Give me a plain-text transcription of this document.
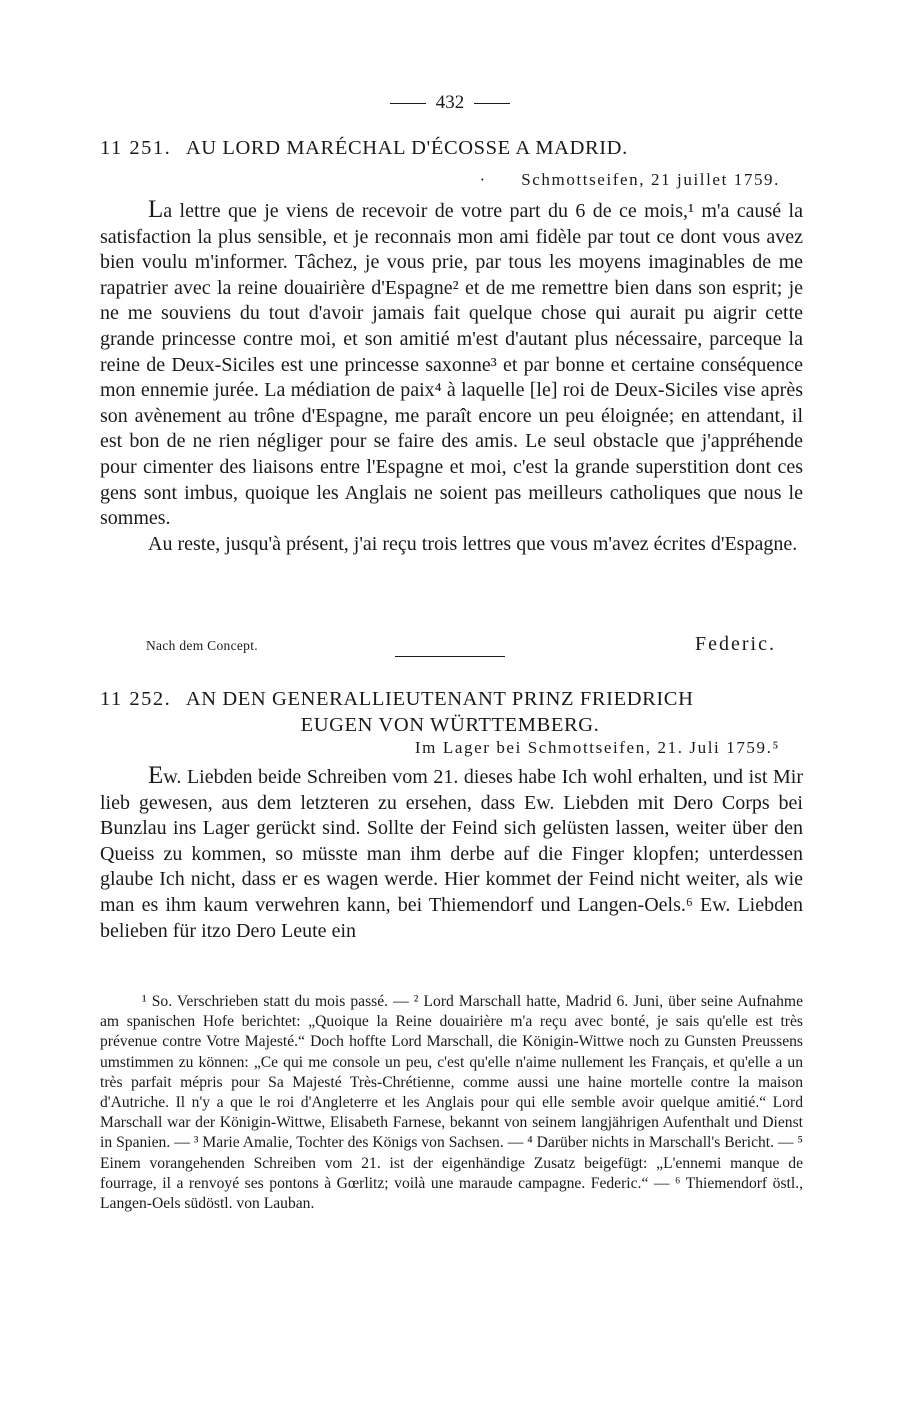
432
11 251. AU LORD MARÉCHAL D'ÉCOSSE A MADRID.
· Schmottseifen, 21 juillet 1759.

La lettre que je viens de recevoir de votre part du 6 de ce mois,¹ m'a causé la satisfaction la plus sensible, et je reconnais mon ami fidèle par tout ce dont vous avez bien voulu m'informer. Tâchez, je vous prie, par tous les moyens imaginables de me rapatrier avec la reine douairière d'Espagne² et de me remettre bien dans son esprit; je ne me souviens du tout d'avoir jamais fait quelque chose qui aurait pu aigrir cette grande princesse contre moi, et son amitié m'est d'autant plus nécessaire, parceque la reine de Deux-Siciles est une princesse saxonne³ et par bonne et certaine conséquence mon ennemie jurée. La médiation de paix⁴ à laquelle [le] roi de Deux-Siciles vise après son avènement au trône d'Espagne, me paraît encore un peu éloignée; en attendant, il est bon de ne rien négliger pour se faire des amis. Le seul obstacle que j'appréhende pour cimenter des liaisons entre l'Espagne et moi, c'est la grande superstition dont ces gens sont imbus, quoique les Anglais ne soient pas meilleurs catholiques que nous le sommes.

Au reste, jusqu'à présent, j'ai reçu trois lettres que vous m'avez écrites d'Espagne.

Nach dem Concept.	Federic.
11 252. AN DEN GENERALLIEUTENANT PRINZ FRIEDRICH
EUGEN VON WÜRTTEMBERG.
Im Lager bei Schmottseifen, 21. Juli 1759.⁵

Ew. Liebden beide Schreiben vom 21. dieses habe Ich wohl erhalten, und ist Mir lieb gewesen, aus dem letzteren zu ersehen, dass Ew. Liebden mit Dero Corps bei Bunzlau ins Lager gerückt sind. Sollte der Feind sich gelüsten lassen, weiter über den Queiss zu kommen, so müsste man ihm derbe auf die Finger klopfen; unterdessen glaube Ich nicht, dass er es wagen werde. Hier kommet der Feind nicht weiter, als wie man es ihm kaum verwehren kann, bei Thiemendorf und Langen-Oels.⁶ Ew. Liebden belieben für itzo Dero Leute ein

¹ So. Verschrieben statt du mois passé. — ² Lord Marschall hatte, Madrid 6. Juni, über seine Aufnahme am spanischen Hofe berichtet: „Quoique la Reine douairière m'a reçu avec bonté, je sais qu'elle est très prévenue contre Votre Majesté.“ Doch hoffte Lord Marschall, die Königin-Wittwe noch zu Gunsten Preussens umstimmen zu können: „Ce qui me console un peu, c'est qu'elle n'aime nullement les Français, et qu'elle a un très parfait mépris pour Sa Majesté Très-Chrétienne, comme aussi une haine mortelle contre la maison d'Autriche. Il n'y a que le roi d'Angleterre et les Anglais pour qui elle semble avoir quelque amitié.“ Lord Marschall war der Königin-Wittwe, Elisabeth Farnese, bekannt von seinem langjährigen Aufenthalt und Dienst in Spanien. — ³ Marie Amalie, Tochter des Königs von Sachsen. — ⁴ Darüber nichts in Marschall's Bericht. — ⁵ Einem vorangehenden Schreiben vom 21. ist der eigenhändige Zusatz beigefügt: „L'ennemi manque de fourrage, il a renvoyé ses pontons à Gœrlitz; voilà une maraude campagne. Federic.“ — ⁶ Thiemendorf östl., Langen-Oels südöstl. von Lauban.
